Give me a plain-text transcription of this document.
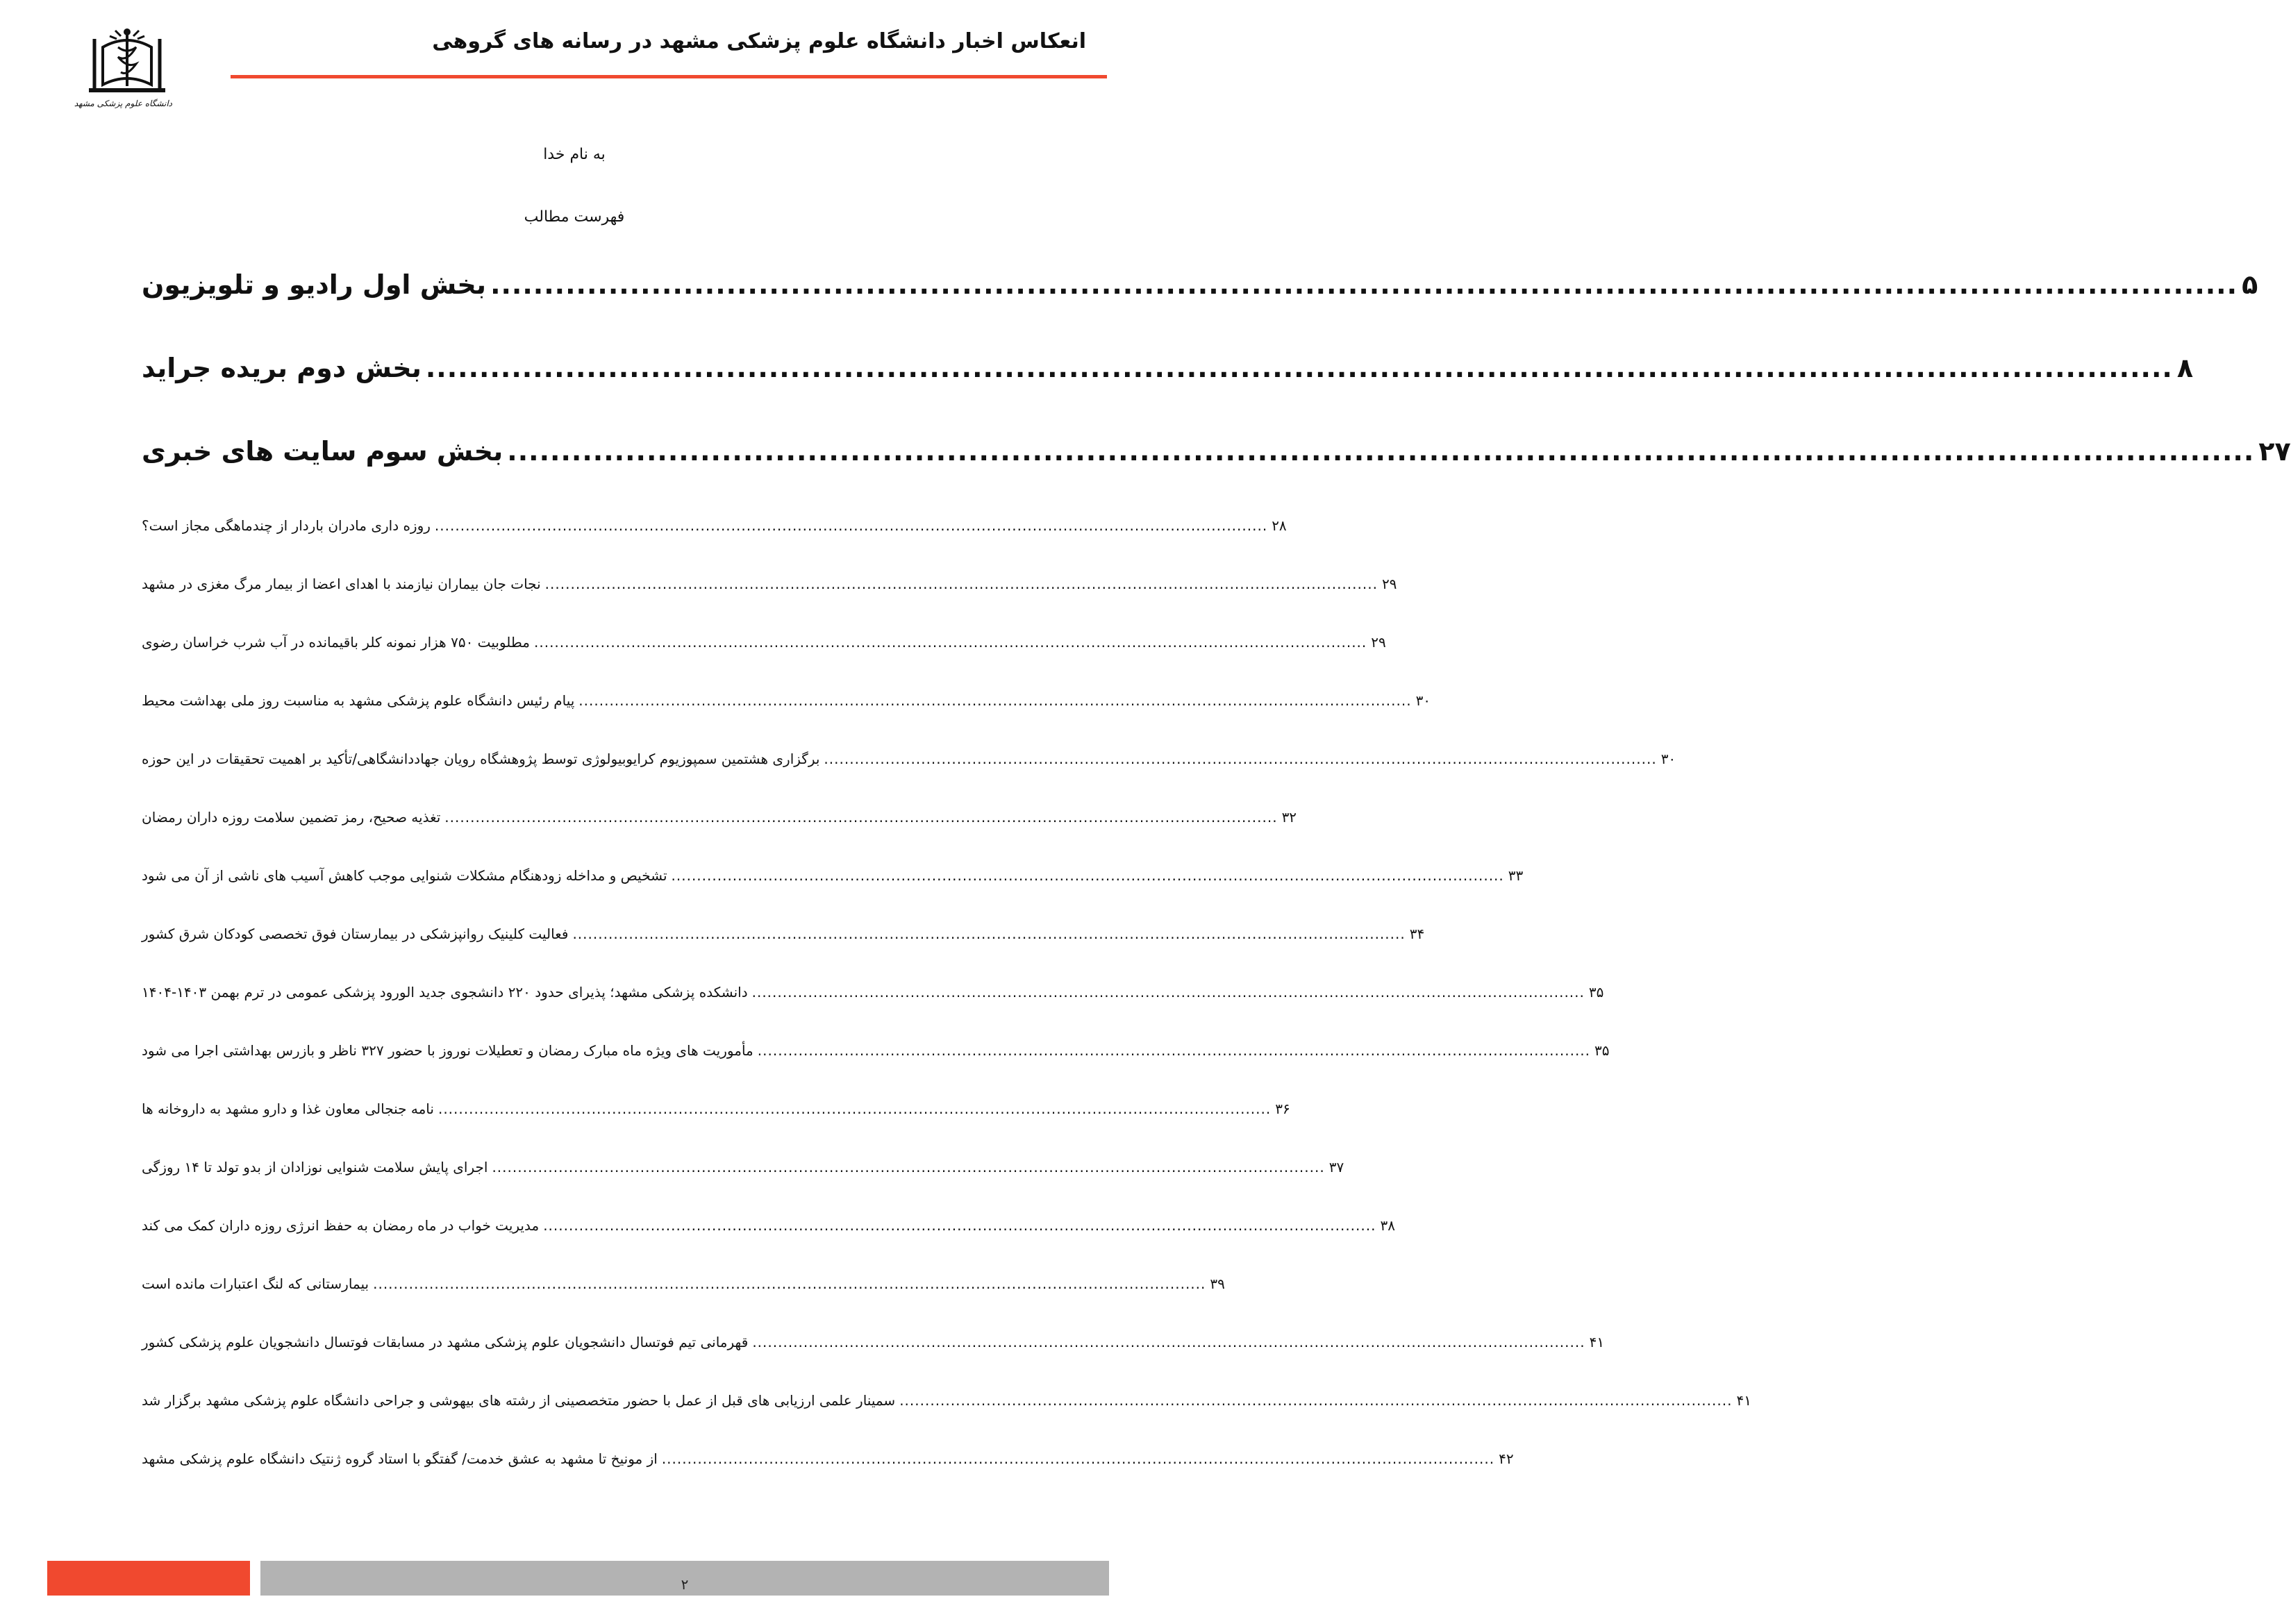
دانشگاه علوم پزشکی مشهد
انعکاس اخبار دانشگاه علوم پزشکی مشهد در رسانه های گروهی
به نام خدا
فهرست مطالب
بخش اول رادیو و تلویزیون ................................................................................................................................................................... ۵
بخش دوم بریده جراید ................................................................................................................................................................... ۸
بخش سوم سایت های خبری ................................................................................................................................................................... ۲۷
روزه داری مادران باردار از چندماهگی مجاز است؟ ................................................................................................................................................................... ۲۸
نجات جان بیماران نیازمند با اهدای اعضا از بیمار مرگ مغزی در مشهد ................................................................................................................................................................... ۲۹
مطلوبیت ۷۵۰ هزار نمونه کلر باقیمانده در آب شرب خراسان رضوی ................................................................................................................................................................... ۲۹
پیام رئیس دانشگاه علوم پزشکی مشهد به مناسبت روز ملی بهداشت محیط ................................................................................................................................................................... ۳۰
برگزاری هشتمین سمپوزیوم کرایوبیولوژی توسط پژوهشگاه رویان جهاددانشگاهی/تأکید بر اهمیت تحقیقات در این حوزه ................................................................................................................................................................... ۳۰
تغذیه صحیح، رمز تضمین سلامت روزه داران رمضان ................................................................................................................................................................... ۳۲
تشخیص و مداخله زودهنگام مشکلات شنوایی موجب کاهش آسیب های ناشی از آن می شود ................................................................................................................................................................... ۳۳
فعالیت کلینیک روانپزشکی در بیمارستان فوق تخصصی کودکان شرق کشور ................................................................................................................................................................... ۳۴
دانشکده پزشکی مشهد؛ پذیرای حدود ۲۲۰ دانشجوی جدید الورود پزشکی عمومی در ترم بهمن ۱۴۰۳-۱۴۰۴ ................................................................................................................................................................... ۳۵
مأموریت های ویژه ماه مبارک رمضان و تعطیلات نوروز با حضور ۳۲۷ ناظر و بازرس بهداشتی اجرا می شود ................................................................................................................................................................... ۳۵
نامه جنجالی معاون غذا و دارو مشهد به داروخانه ها ................................................................................................................................................................... ۳۶
اجرای پایش سلامت شنوایی نوزادان از بدو تولد تا ۱۴ روزگی ................................................................................................................................................................... ۳۷
مدیریت خواب در ماه رمضان به حفظ انرژی روزه داران کمک می کند ................................................................................................................................................................... ۳۸
بیمارستانی که لنگ اعتبارات مانده است ................................................................................................................................................................... ۳۹
قهرمانی تیم فوتسال دانشجویان علوم پزشکی مشهد در مسابقات فوتسال دانشجویان علوم پزشکی کشور ................................................................................................................................................................... ۴۱
سمینار علمی ارزیابی های قبل از عمل با حضور متخصصینی از رشته های بیهوشی و جراحی دانشگاه علوم پزشکی مشهد برگزار شد ................................................................................................................................................................... ۴۱
از مونیخ تا مشهد به عشق خدمت/ گفتگو با استاد گروه ژنتیک دانشگاه علوم پزشکی مشهد ................................................................................................................................................................... ۴۲
۲
